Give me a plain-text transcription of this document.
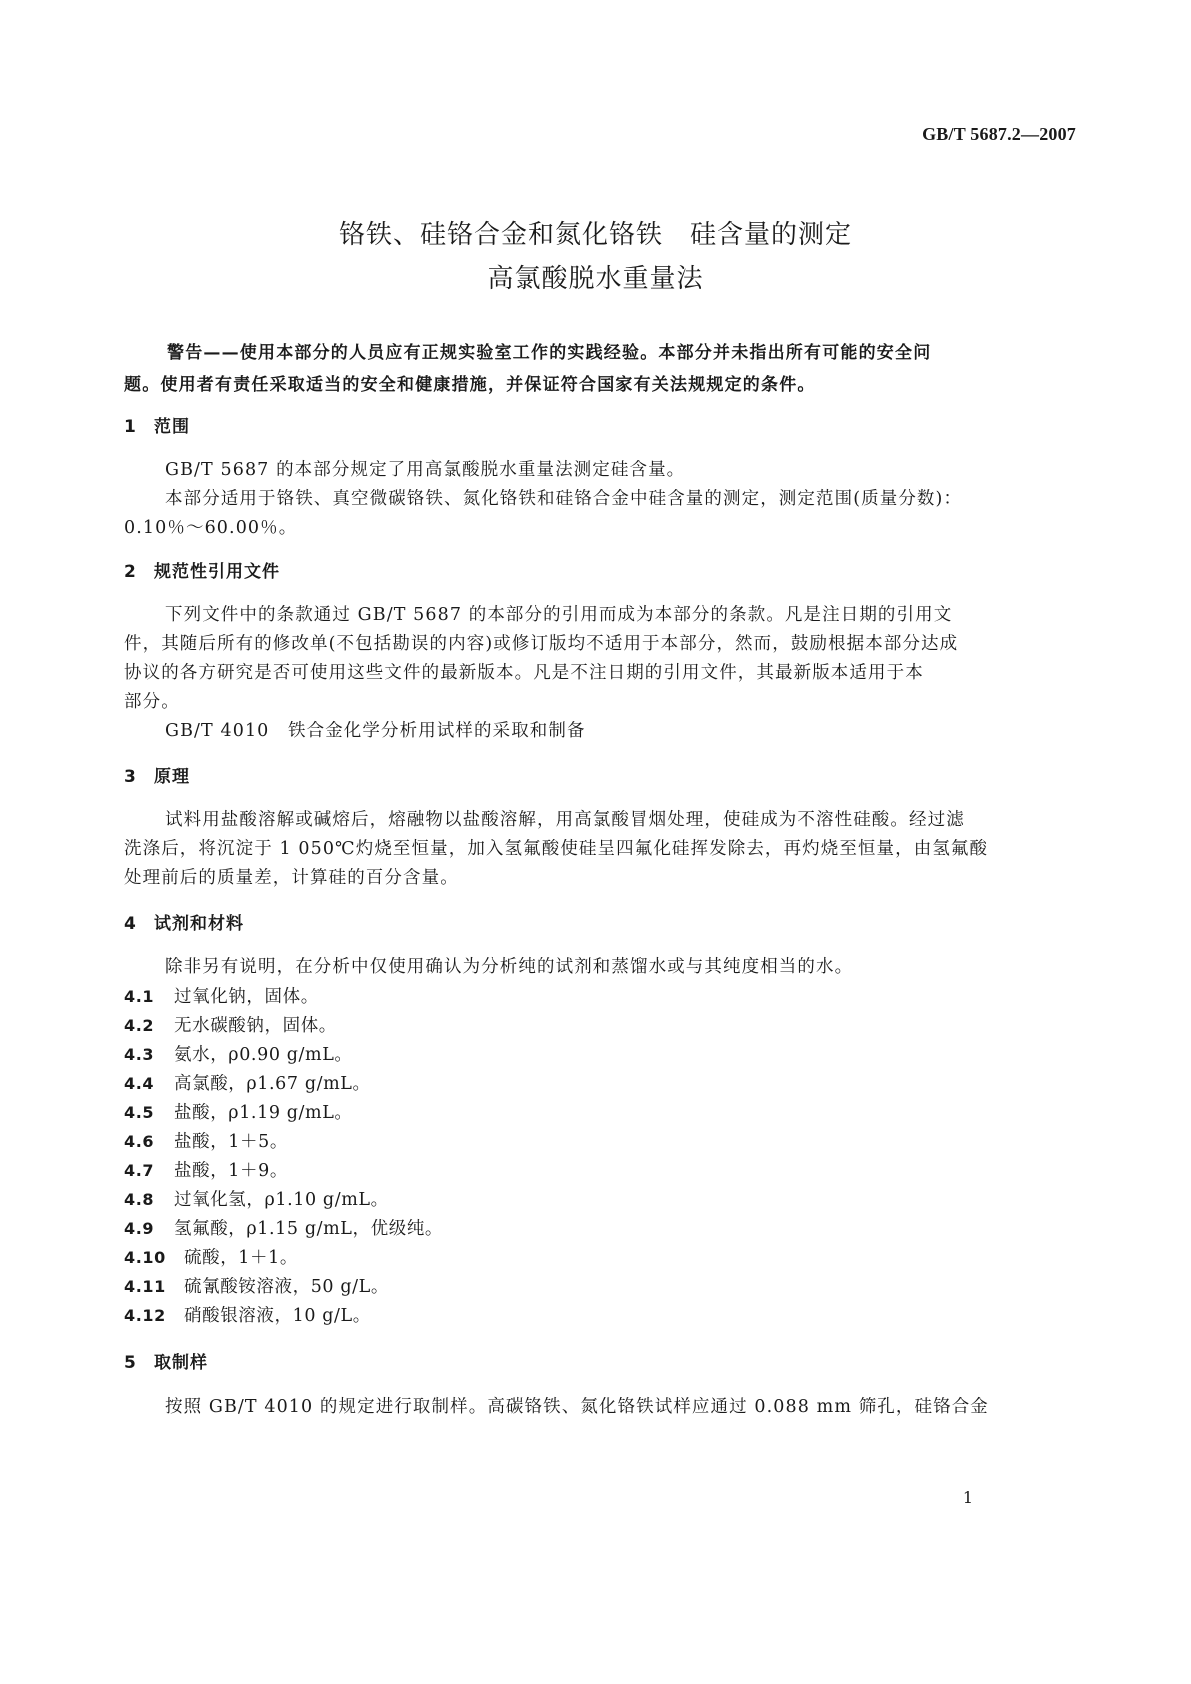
GB/T 5687.2—2007
铬铁、硅铬合金和氮化铬铁　硅含量的测定
高氯酸脱水重量法
警告——使用本部分的人员应有正规实验室工作的实践经验。本部分并未指出所有可能的安全问
题。使用者有责任采取适当的安全和健康措施，并保证符合国家有关法规规定的条件。
1 范围
GB/T 5687 的本部分规定了用高氯酸脱水重量法测定硅含量。
本部分适用于铬铁、真空微碳铬铁、氮化铬铁和硅铬合金中硅含量的测定，测定范围(质量分数)：
0.10％～60.00％。
2 规范性引用文件
下列文件中的条款通过 GB/T 5687 的本部分的引用而成为本部分的条款。凡是注日期的引用文
件，其随后所有的修改单(不包括勘误的内容)或修订版均不适用于本部分，然而，鼓励根据本部分达成
协议的各方研究是否可使用这些文件的最新版本。凡是不注日期的引用文件，其最新版本适用于本
部分。
GB/T 4010　铁合金化学分析用试样的采取和制备
3 原理
试料用盐酸溶解或碱熔后，熔融物以盐酸溶解，用高氯酸冒烟处理，使硅成为不溶性硅酸。经过滤
洗涤后，将沉淀于 1 050℃灼烧至恒量，加入氢氟酸使硅呈四氟化硅挥发除去，再灼烧至恒量，由氢氟酸
处理前后的质量差，计算硅的百分含量。
4 试剂和材料
除非另有说明，在分析中仅使用确认为分析纯的试剂和蒸馏水或与其纯度相当的水。
4.1 过氧化钠，固体。
4.2 无水碳酸钠，固体。
4.3 氨水，ρ0.90 g/mL。
4.4 高氯酸，ρ1.67 g/mL。
4.5 盐酸，ρ1.19 g/mL。
4.6 盐酸，1＋5。
4.7 盐酸，1＋9。
4.8 过氧化氢，ρ1.10 g/mL。
4.9 氢氟酸，ρ1.15 g/mL，优级纯。
4.10 硫酸，1＋1。
4.11 硫氰酸铵溶液，50 g/L。
4.12 硝酸银溶液，10 g/L。
5 取制样
按照 GB/T 4010 的规定进行取制样。高碳铬铁、氮化铬铁试样应通过 0.088 mm 筛孔，硅铬合金
1
